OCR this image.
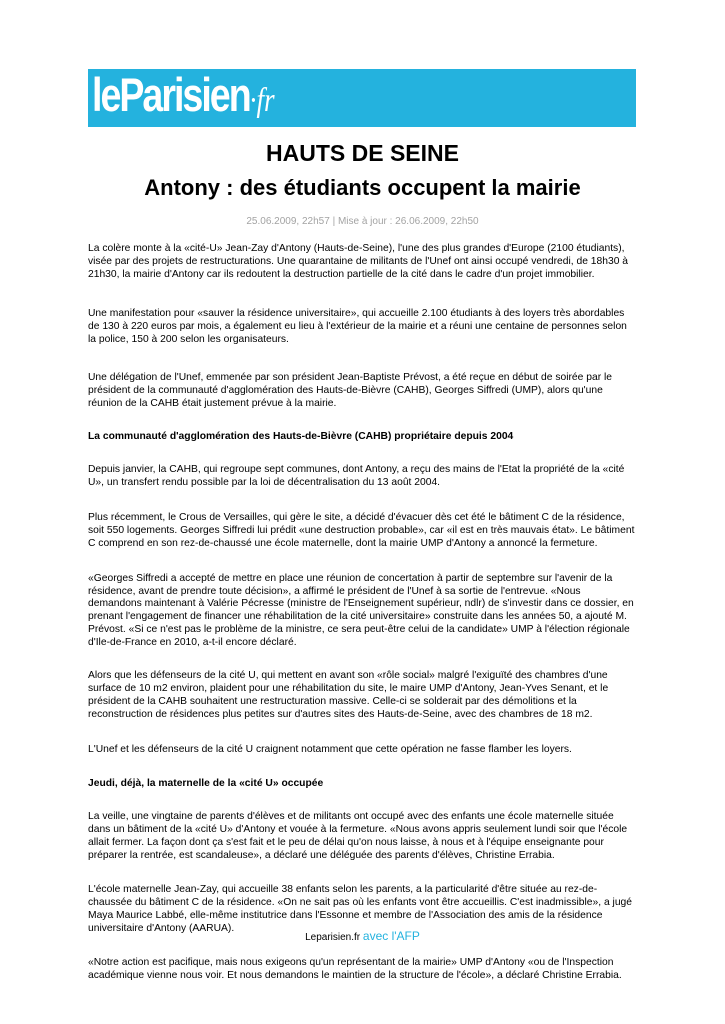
leParisien·fr
HAUTS DE SEINE
Antony : des étudiants occupent la mairie
25.06.2009, 22h57 | Mise à jour : 26.06.2009, 22h50

La colère monte à la «cité-U» Jean-Zay d'Antony (Hauts-de-Seine), l'une des plus grandes d'Europe (2100 étudiants), visée par des projets de restructurations. Une quarantaine de militants de l'Unef ont ainsi occupé vendredi, de 18h30 à 21h30, la mairie d'Antony car ils redoutent la destruction partielle de la cité dans le cadre d'un projet immobilier.

Une manifestation pour «sauver la résidence universitaire», qui accueille 2.100 étudiants à des loyers très abordables de 130 à 220 euros par mois, a également eu lieu à l'extérieur de la mairie et a réuni une centaine de personnes selon la police, 150 à 200 selon les organisateurs.

Une délégation de l'Unef, emmenée par son président Jean-Baptiste Prévost, a été reçue en début de soirée par le président de la communauté d'agglomération des Hauts-de-Bièvre (CAHB), Georges Siffredi (UMP), alors qu'une réunion de la CAHB était justement prévue à la mairie.

La communauté d'agglomération des Hauts-de-Bièvre (CAHB) propriétaire depuis 2004

Depuis janvier, la CAHB, qui regroupe sept communes, dont Antony, a reçu des mains de l'Etat la propriété de la «cité U», un transfert rendu possible par la loi de décentralisation du 13 août 2004.

Plus récemment, le Crous de Versailles, qui gère le site, a décidé d'évacuer dès cet été le bâtiment C de la résidence, soit 550 logements. Georges Siffredi lui prédit «une destruction probable», car «il est en très mauvais état». Le bâtiment C comprend en son rez-de-chaussé une école maternelle, dont la mairie UMP d'Antony a annoncé la fermeture.

«Georges Siffredi a accepté de mettre en place une réunion de concertation à partir de septembre sur l'avenir de la résidence, avant de prendre toute décision», a affirmé le président de l'Unef à sa sortie de l'entrevue. «Nous demandons maintenant à Valérie Pécresse (ministre de l'Enseignement supérieur, ndlr) de s'investir dans ce dossier, en prenant l'engagement de financer une réhabilitation de la cité universitaire» construite dans les années 50, a ajouté M. Prévost. «Si ce n'est pas le problème de la ministre, ce sera peut-être celui de la candidate» UMP à l'élection régionale d'Ile-de-France en 2010, a-t-il encore déclaré.

Alors que les défenseurs de la cité U, qui mettent en avant son «rôle social» malgré l'exiguïté des chambres d'une surface de 10 m2 environ, plaident pour une réhabilitation du site, le maire UMP d'Antony, Jean-Yves Senant, et le président de la CAHB souhaitent une restructuration massive. Celle-ci se solderait par des démolitions et la reconstruction de résidences plus petites sur d'autres sites des Hauts-de-Seine, avec des chambres de 18 m2.

L'Unef et les défenseurs de la cité U craignent notamment que cette opération ne fasse flamber les loyers.

Jeudi, déjà, la maternelle de la «cité U» occupée

La veille, une vingtaine de parents d'élèves et de militants ont occupé avec des enfants une école maternelle située dans un bâtiment de la «cité U» d'Antony et vouée à la fermeture. «Nous avons appris seulement lundi soir que l'école allait fermer. La façon dont ça s'est fait et le peu de délai qu'on nous laisse, à nous et à l'équipe enseignante pour préparer la rentrée, est scandaleuse», a déclaré une déléguée des parents d'élèves, Christine Errabia.

L'école maternelle Jean-Zay, qui accueille 38 enfants selon les parents, a la particularité d'être située au rez-de-chaussée du bâtiment C de la résidence. «On ne sait pas où les enfants vont être accueillis. C'est inadmissible», a jugé Maya Maurice Labbé, elle-même institutrice dans l'Essonne et membre de l'Association des amis de la résidence universitaire d'Antony (AARUA).

«Notre action est pacifique, mais nous exigeons qu'un représentant de la mairie» UMP d'Antony «ou de l'Inspection académique vienne nous voir. Et nous demandons le maintien de la structure de l'école», a déclaré Christine Errabia.

Leparisien.fr avec l'AFP
